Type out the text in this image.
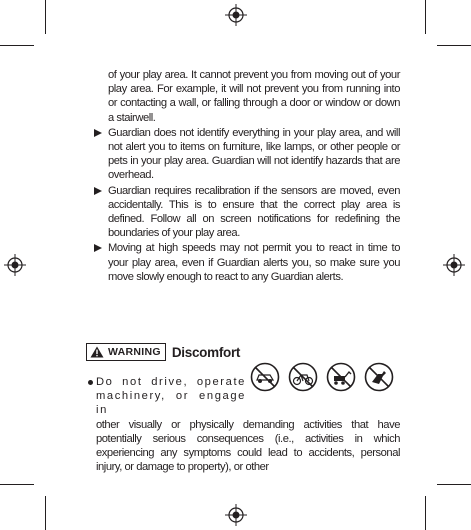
of your play area. It cannot prevent you from moving out of your play area. For example, it will not prevent you from running into or contacting a wall, or falling through a door or window or down a stairwell.
Guardian does not identify everything in your play area, and will not alert you to items on furniture, like lamps, or other people or pets in your play area. Guardian will not identify hazards that are overhead.
Guardian requires recalibration if the sensors are moved, even accidentally. This is to ensure that the correct play area is defined. Follow all on screen notifications for redefining the boundaries of your play area.
Moving at high speeds may not permit you to react in time to your play area, even if Guardian alerts you, so make sure you move slowly enough to react to any Guardian alerts.
WARNING Discomfort
Do not drive, operate machinery, or engage in
other visually or physically demanding activities that have potentially serious consequences (i.e., activities in which experiencing any symptoms could lead to accidents, personal injury, or damage to property), or other
